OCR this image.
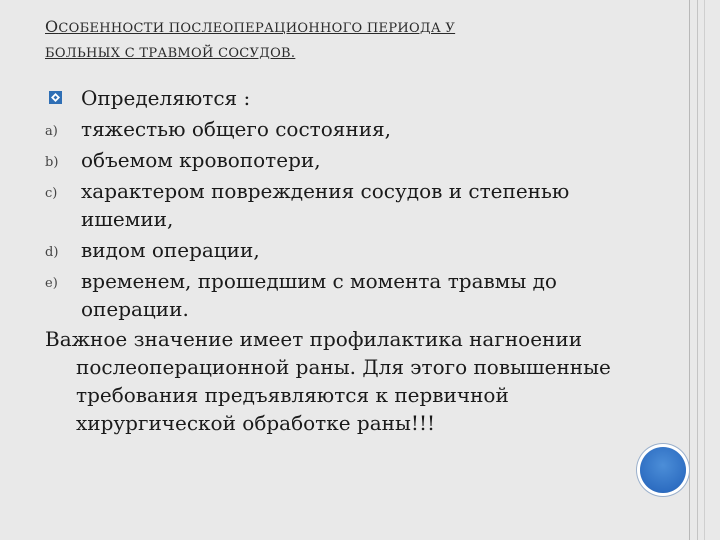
ОСОБЕННОСТИ ПОСЛЕОПЕРАЦИОННОГО ПЕРИОДА У
БОЛЬНЫХ С ТРАВМОЙ СОСУДОВ.
Определяются :
a) тяжестью общего состояния,
b) объемом кровопотери,
c) характером повреждения сосудов и степенью ишемии,
d) видом операции,
e) временем, прошедшим с момента травмы до операции.
Важное значение имеет профилактика нагноении послеоперационной раны. Для этого повышенные требования предъявляются к первичной хирургической обработке раны!!!
